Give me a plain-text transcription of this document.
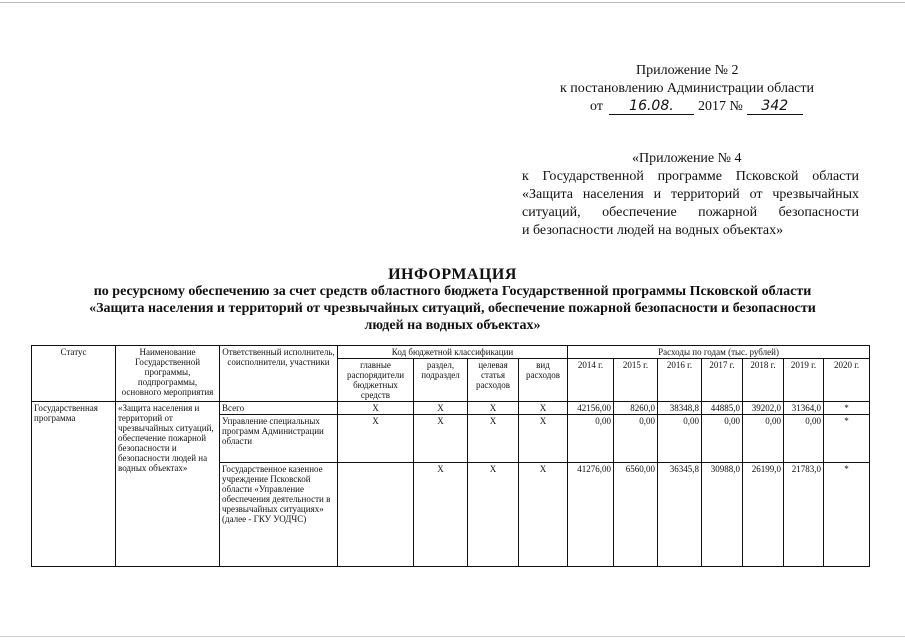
Приложение № 2
к постановлению Администрации области
от	16.08.	2017 №	342
«Приложение № 4
к Государственной программе Псковской области
«Защита населения и территорий от чрезвычайных
ситуаций, обеспечение пожарной безопасности
и безопасности людей на водных объектах»
ИНФОРМАЦИЯ
по ресурсному обеспечению за счет средств областного бюджета Государственной программы Псковской области
«Защита населения и территорий от чрезвычайных ситуаций, обеспечение пожарной безопасности и безопасности
людей на водных объектах»
Статус	Наименование Государственной программы, подпрограммы, основного мероприятия	Ответственный исполнитель, соисполнители, участники	Код бюджетной классификации				Расходы по годам (тыс. рублей)						
			главные распорядители бюджетных средств	раздел, подраздел	целевая статья расходов	вид расходов	2014 г.	2015 г.	2016 г.	2017 г.	2018 г.	2019 г.	2020 г.
Государственная программа	«Защита населения и территорий от чрезвычайных ситуаций, обеспечение пожарной безопасности и безопасности людей на водных объектах»	Всего	Х	Х	Х	Х	42156,00	8260,0	38348,8	44885,0	39202,0	31364,0	*
		Управление специальных программ Администрации области	Х	Х	Х	Х	0,00	0,00	0,00	0,00	0,00	0,00	*
		Государственное казенное учреждение Псковской области «Управление обеспечения деятельности в чрезвычайных ситуациях» (далее - ГКУ УОДЧС)		Х	Х	Х	41276,00	6560,00	36345,8	30988,0	26199,0	21783,0	*
